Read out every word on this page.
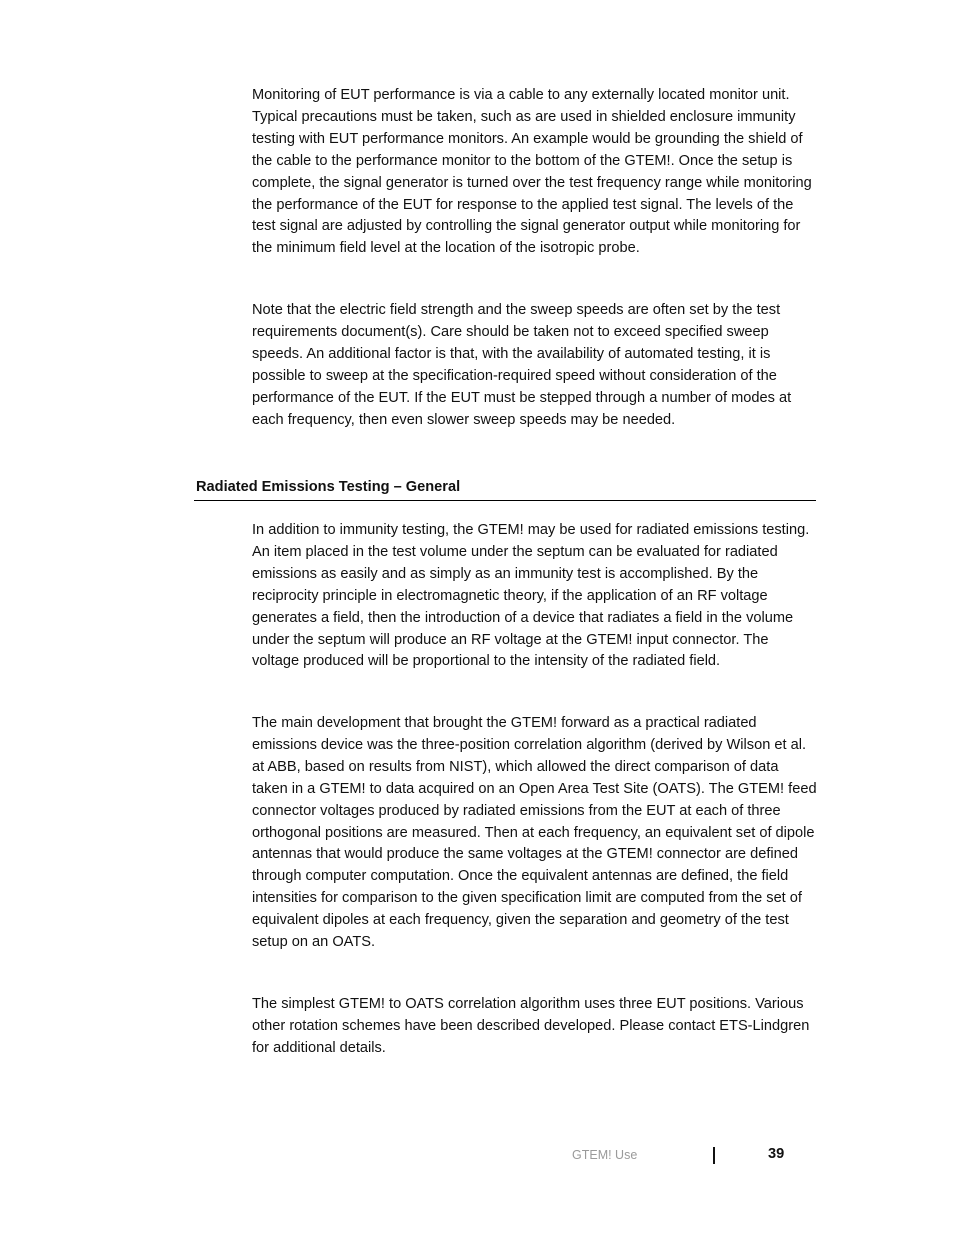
Monitoring of EUT performance is via a cable to any externally located monitor unit. Typical precautions must be taken, such as are used in shielded enclosure immunity testing with EUT performance monitors. An example would be grounding the shield of the cable to the performance monitor to the bottom of the GTEM!. Once the setup is complete, the signal generator is turned over the test frequency range while monitoring the performance of the EUT for response to the applied test signal. The levels of the test signal are adjusted by controlling the signal generator output while monitoring for the minimum field level at the location of the isotropic probe.

Note that the electric field strength and the sweep speeds are often set by the test requirements document(s). Care should be taken not to exceed specified sweep speeds. An additional factor is that, with the availability of automated testing, it is possible to sweep at the specification-required speed without consideration of the performance of the EUT. If the EUT must be stepped through a number of modes at each frequency, then even slower sweep speeds may be needed.

Radiated Emissions Testing – General

In addition to immunity testing, the GTEM! may be used for radiated emissions testing. An item placed in the test volume under the septum can be evaluated for radiated emissions as easily and as simply as an immunity test is accomplished. By the reciprocity principle in electromagnetic theory, if the application of an RF voltage generates a field, then the introduction of a device that radiates a field in the volume under the septum will produce an RF voltage at the GTEM! input connector. The voltage produced will be proportional to the intensity of the radiated field.

The main development that brought the GTEM! forward as a practical radiated emissions device was the three-position correlation algorithm (derived by Wilson et al. at ABB, based on results from NIST), which allowed the direct comparison of data taken in a GTEM! to data acquired on an Open Area Test Site (OATS). The GTEM! feed connector voltages produced by radiated emissions from the EUT at each of three orthogonal positions are measured. Then at each frequency, an equivalent set of dipole antennas that would produce the same voltages at the GTEM! connector are defined through computer computation. Once the equivalent antennas are defined, the field intensities for comparison to the given specification limit are computed from the set of equivalent dipoles at each frequency, given the separation and geometry of the test setup on an OATS.

The simplest GTEM! to OATS correlation algorithm uses three EUT positions. Various other rotation schemes have been described developed. Please contact ETS-Lindgren for additional details.

GTEM! Use	39
